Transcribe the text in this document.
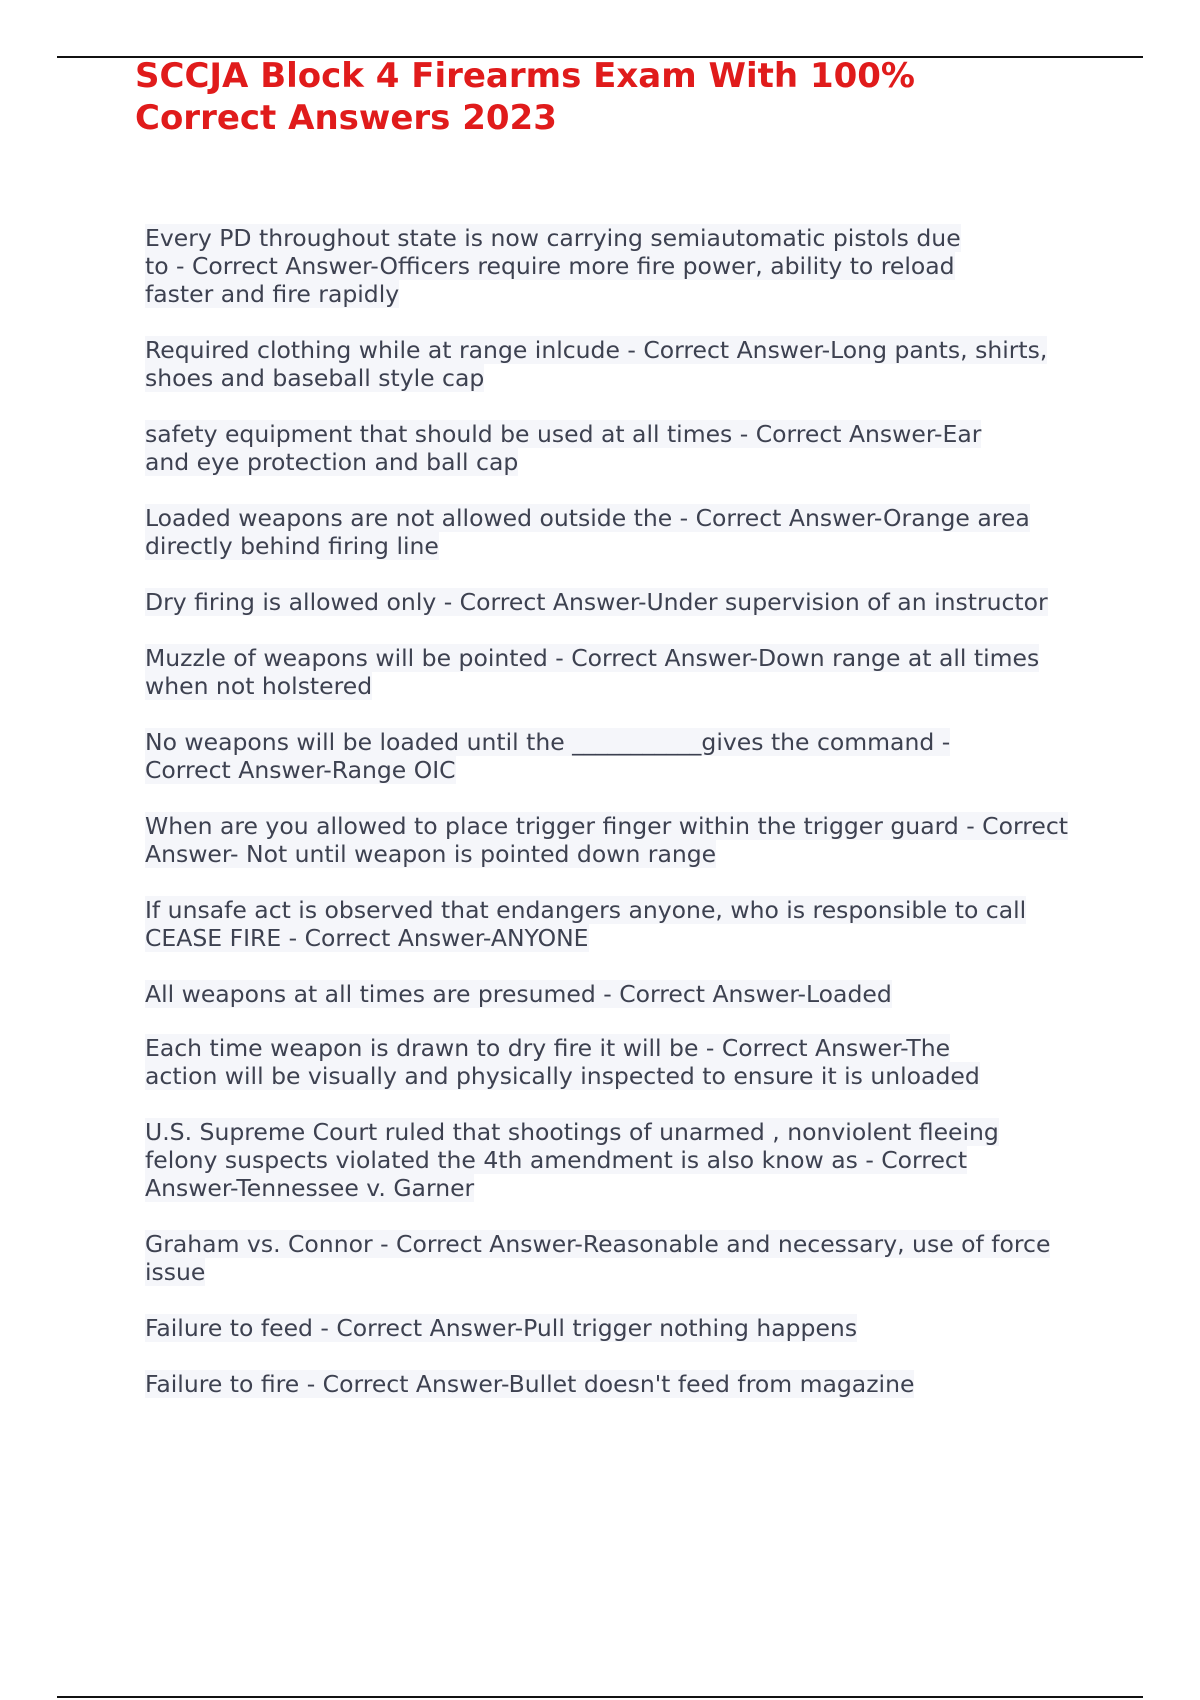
SCCJA Block 4 Firearms Exam With 100%
Correct Answers 2023
Every PD throughout state is now carrying semiautomatic pistols due to - Correct Answer-Officers require more fire power, ability to reload faster and fire rapidly
Required clothing while at range inlcude - Correct Answer-Long pants, shirts, shoes and baseball style cap
safety equipment that should be used at all times - Correct Answer-Ear and eye protection and ball cap
Loaded weapons are not allowed outside the - Correct Answer-Orange area directly behind firing line
Dry firing is allowed only - Correct Answer-Under supervision of an instructor
Muzzle of weapons will be pointed - Correct Answer-Down range at all times when not holstered
No weapons will be loaded until the ___________gives the command - Correct Answer-Range OIC
When are you allowed to place trigger finger within the trigger guard - Correct Answer- Not until weapon is pointed down range
If unsafe act is observed that endangers anyone, who is responsible to call CEASE FIRE - Correct Answer-ANYONE
All weapons at all times are presumed - Correct Answer-Loaded
Each time weapon is drawn to dry fire it will be - Correct Answer-The action will be visually and physically inspected to ensure it is unloaded
U.S. Supreme Court ruled that shootings of unarmed , nonviolent fleeing felony suspects violated the 4th amendment is also know as - Correct Answer-Tennessee v. Garner
Graham vs. Connor - Correct Answer-Reasonable and necessary, use of force issue
Failure to feed - Correct Answer-Pull trigger nothing happens
Failure to fire - Correct Answer-Bullet doesn't feed from magazine
